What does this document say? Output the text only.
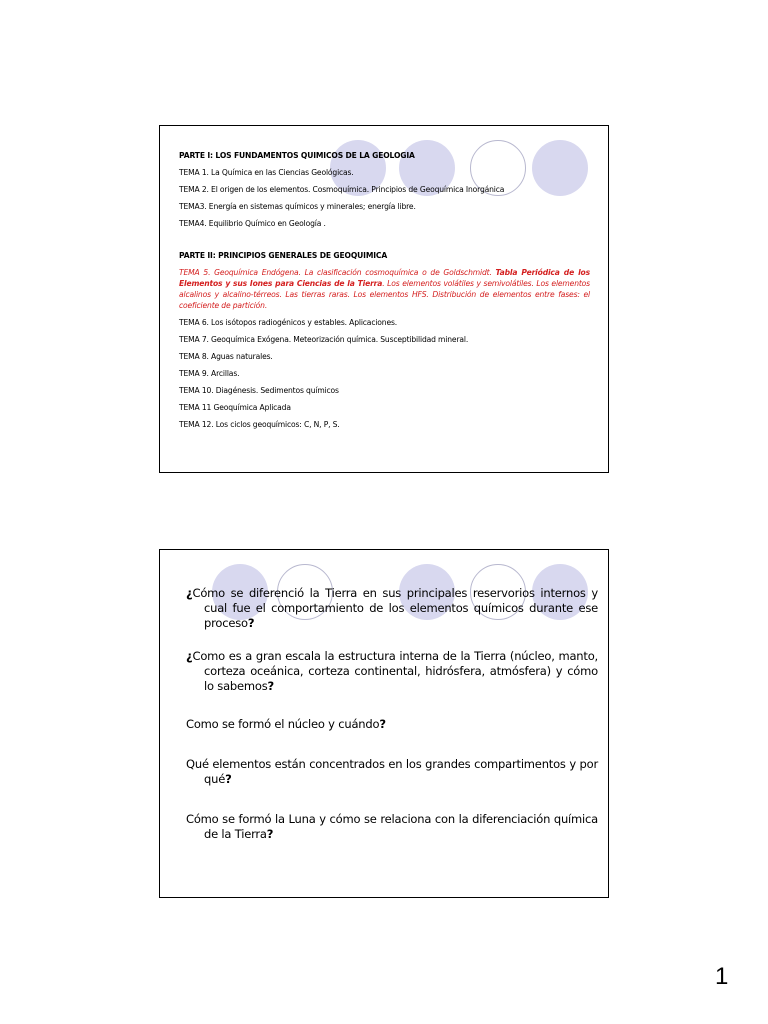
PARTE I: LOS FUNDAMENTOS QUIMICOS DE LA GEOLOGIA

TEMA 1. La Química en las Ciencias Geológicas.

TEMA 2. El origen de los elementos. Cosmoquímica. Principios de Geoquímica Inorgánica

TEMA3. Energía en sistemas químicos y minerales; energía libre.

TEMA4. Equilibrio Químico en Geología .

PARTE II: PRINCIPIOS GENERALES DE GEOQUIMICA

TEMA 5. Geoquímica Endógena. La clasificación cosmoquímica o de Goldschmidt. Tabla Periódica de los Elementos y sus Iones para Ciencias de la Tierra. Los elementos volátiles y semivolátiles. Los elementos alcalinos y alcalino-térreos. Las tierras raras. Los elementos HFS. Distribución de elementos entre fases: el coeficiente de partición.

TEMA 6. Los isótopos radiogénicos y estables. Aplicaciones.

TEMA 7. Geoquímica Exógena. Meteorización química. Susceptibilidad mineral.

TEMA 8. Aguas naturales.

TEMA 9. Arcillas.

TEMA 10. Diagénesis. Sedimentos químicos

TEMA 11 Geoquímica Aplicada

TEMA 12. Los ciclos geoquímicos: C, N, P, S.

¿Cómo se diferenció la Tierra en sus principales reservorios internos y cual fue el comportamiento de los elementos químicos durante ese proceso?

¿Como es a gran escala la estructura interna de la Tierra (núcleo, manto, corteza oceánica, corteza continental, hidrósfera, atmósfera) y cómo lo sabemos?

Como se formó el núcleo y cuándo?

Qué elementos están concentrados en los grandes compartimentos y por qué?

Cómo se formó la Luna y cómo se relaciona con la diferenciación química de la Tierra?

1
